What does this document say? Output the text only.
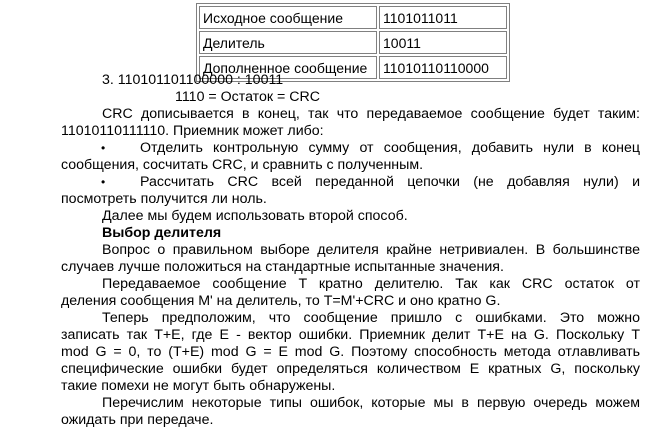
Исходное сообщение	1101011011
Делитель	10011
Дополненное сообщение	11010110110000
3. 110101101100000 : 10011
1110 = Остаток = CRC
CRC дописывается в конец, так что передаваемое сообщение будет таким:
11010110111110. Приемник может либо:
• Отделить контрольную сумму от сообщения, добавить нули в конец
сообщения, сосчитать CRC, и сравнить с полученным.
• Рассчитать CRC всей переданной цепочки (не добавляя нули) и
посмотреть получится ли ноль.
Далее мы будем использовать второй способ.
Выбор делителя
Вопрос о правильном выборе делителя крайне нетривиален. В большинстве
случаев лучше положиться на стандартные испытанные значения.
Передаваемое сообщение T кратно делителю. Так как CRC остаток от
деления сообщения M' на делитель, то T=M'+CRC и оно кратно G.
Теперь предположим, что сообщение пришло с ошибками. Это можно
записать так T+E, где E - вектор ошибки. Приемник делит T+E на G. Поскольку T
mod G = 0, то (T+E) mod G = E mod G. Поэтому способность метода отлавливать
специфические ошибки будет определяться количеством E кратных G, поскольку
такие помехи не могут быть обнаружены.
Перечислим некоторые типы ошибок, которые мы в первую очередь можем
ожидать при передаче.
